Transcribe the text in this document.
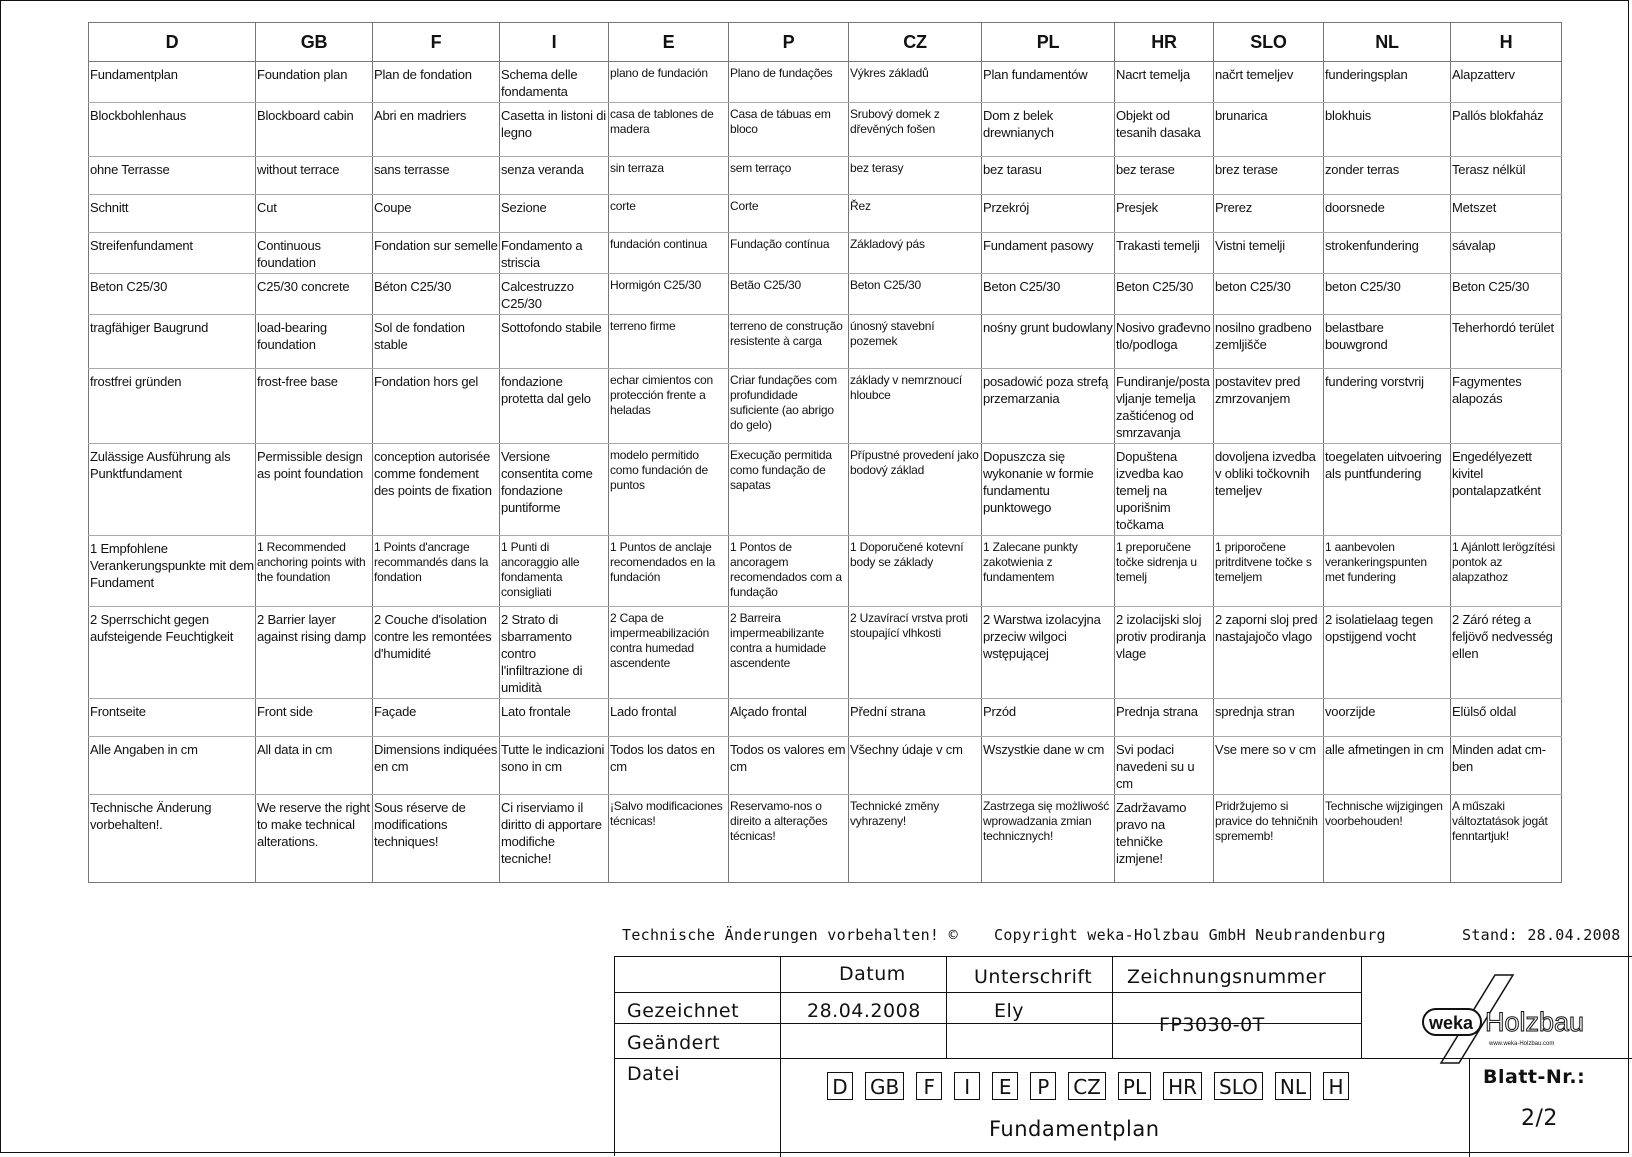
D	GB	F	I	E	P	CZ	PL	HR	SLO	NL	H
Fundamentplan	Foundation plan	Plan de fondation	Schema delle fondamenta	plano de fundación	Plano de fundações	Výkres základů	Plan fundamentów	Nacrt temelja	načrt temeljev	funderingsplan	Alapzatterv
Blockbohlenhaus	Blockboard cabin	Abri en madriers	Casetta in listoni di legno	casa de tablones de madera	Casa de tábuas em bloco	Srubový domek z dřevěných fošen	Dom z belek drewnianych	Objekt od tesanih dasaka	brunarica	blokhuis	Pallós blokfaház
ohne Terrasse	without terrace	sans terrasse	senza veranda	sin terraza	sem terraço	bez terasy	bez tarasu	bez terase	brez terase	zonder terras	Terasz nélkül
Schnitt	Cut	Coupe	Sezione	corte	Corte	Řez	Przekrój	Presjek	Prerez	doorsnede	Metszet
Streifenfundament	Continuous foundation	Fondation sur semelle	Fondamento a striscia	fundación continua	Fundação contínua	Základový pás	Fundament pasowy	Trakasti temelji	Vistni temelji	strokenfundering	sávalap
Beton C25/30	C25/30 concrete	Béton C25/30	Calcestruzzo C25/30	Hormigón C25/30	Betão C25/30	Beton C25/30	Beton C25/30	Beton C25/30	beton C25/30	beton C25/30	Beton C25/30
tragfähiger Baugrund	load-bearing foundation	Sol de fondation stable	Sottofondo stabile	terreno firme	terreno de construção resistente à carga	únosný stavební pozemek	nośny grunt budowlany	Nosivo građevno tlo/podloga	nosilno gradbeno zemljišče	belastbare bouwgrond	Teherhordó terület
frostfrei gründen	frost-free base	Fondation hors gel	fondazione protetta dal gelo	echar cimientos con protección frente a heladas	Criar fundações com profundidade suficiente (ao abrigo do gelo)	základy v nemrznoucí hloubce	posadowić poza strefą przemarzania	Fundiranje/postavljanje temelja zaštićenog od smrzavanja	postavitev pred zmrzovanjem	fundering vorstvrij	Fagymentes alapozás
Zulässige Ausführung als Punktfundament	Permissible design as point foundation	conception autorisée comme fondement des points de fixation	Versione consentita come fondazione puntiforme	modelo permitido como fundación de puntos	Execução permitida como fundação de sapatas	Přípustné provedení jako bodový základ	Dopuszcza się wykonanie w formie fundamentu punktowego	Dopuštena izvedba kao temelj na uporišnim točkama	dovoljena izvedba v obliki točkovnih temeljev	toegelaten uitvoering als puntfundering	Engedélyezett kivitel pontalapzatként
1 Empfohlene Verankerungspunkte mit dem Fundament	1 Recommended anchoring points with the foundation	1 Points d'ancrage recommandés dans la fondation	1 Punti di ancoraggio alle fondamenta consigliati	1 Puntos de anclaje recomendados en la fundación	1 Pontos de ancoragem recomendados com a fundação	1 Doporučené kotevní body se základy	1 Zalecane punkty zakotwienia z fundamentem	1 preporučene točke sidrenja u temelj	1 priporočene pritrditvene točke s temeljem	1 aanbevolen verankeringspunten met fundering	1 Ajánlott lerögzítési pontok az alapzathoz
2 Sperrschicht gegen aufsteigende Feuchtigkeit	2 Barrier layer against rising damp	2 Couche d'isolation contre les remontées d'humidité	2 Strato di sbarramento contro l'infiltrazione di umidità	2 Capa de impermeabilización contra humedad ascendente	2 Barreira impermeabilizante contra a humidade ascendente	2 Uzavírací vrstva proti stoupající vlhkosti	2 Warstwa izolacyjna przeciw wilgoci wstępującej	2 izolacijski sloj protiv prodiranja vlage	2 zaporni sloj pred nastajajočo vlago	2 isolatielaag tegen opstijgend vocht	2 Záró réteg a feljövő nedvesség ellen
Frontseite	Front side	Façade	Lato frontale	Lado frontal	Alçado frontal	Přední strana	Przód	Prednja strana	sprednja stran	voorzijde	Elülső oldal
Alle Angaben in cm	All data in cm	Dimensions indiquées en cm	Tutte le indicazioni sono in cm	Todos los datos en cm	Todos os valores em cm	Všechny údaje v cm	Wszystkie dane w cm	Svi podaci navedeni su u cm	Vse mere so v cm	alle afmetingen in cm	Minden adat cm-ben
Technische Änderung vorbehalten!.	We reserve the right to make technical alterations.	Sous réserve de modifications techniques!	Ci riserviamo il diritto di apportare modifiche tecniche!	¡Salvo modificaciones técnicas!	Reservamo-nos o direito a alterações técnicas!	Technické změny vyhrazeny!	Zastrzega się możliwość wprowadzania zmian technicznych!	Zadržavamo pravo na tehničke izmjene!	Pridržujemo si pravice do tehničnih sprememb!	Technische wijzigingen voorbehouden!	A műszaki változtatások jogát fenntartjuk!
Technische Änderungen vorbehalten! © Copyright weka-Holzbau GmbH Neubrandenburg	Stand: 28.04.2008
Datum	Unterschrift Zeichnungsnummer
Gezeichnet	28.04.2008	Ely
Geändert
FP3030-0T
Datei
D GB	F	I	E	P	CZ PL HR SLO NL H
Fundamentplan
Blatt-Nr.:
2/2
weka Holzbau
www.weka-Holzbau.com
